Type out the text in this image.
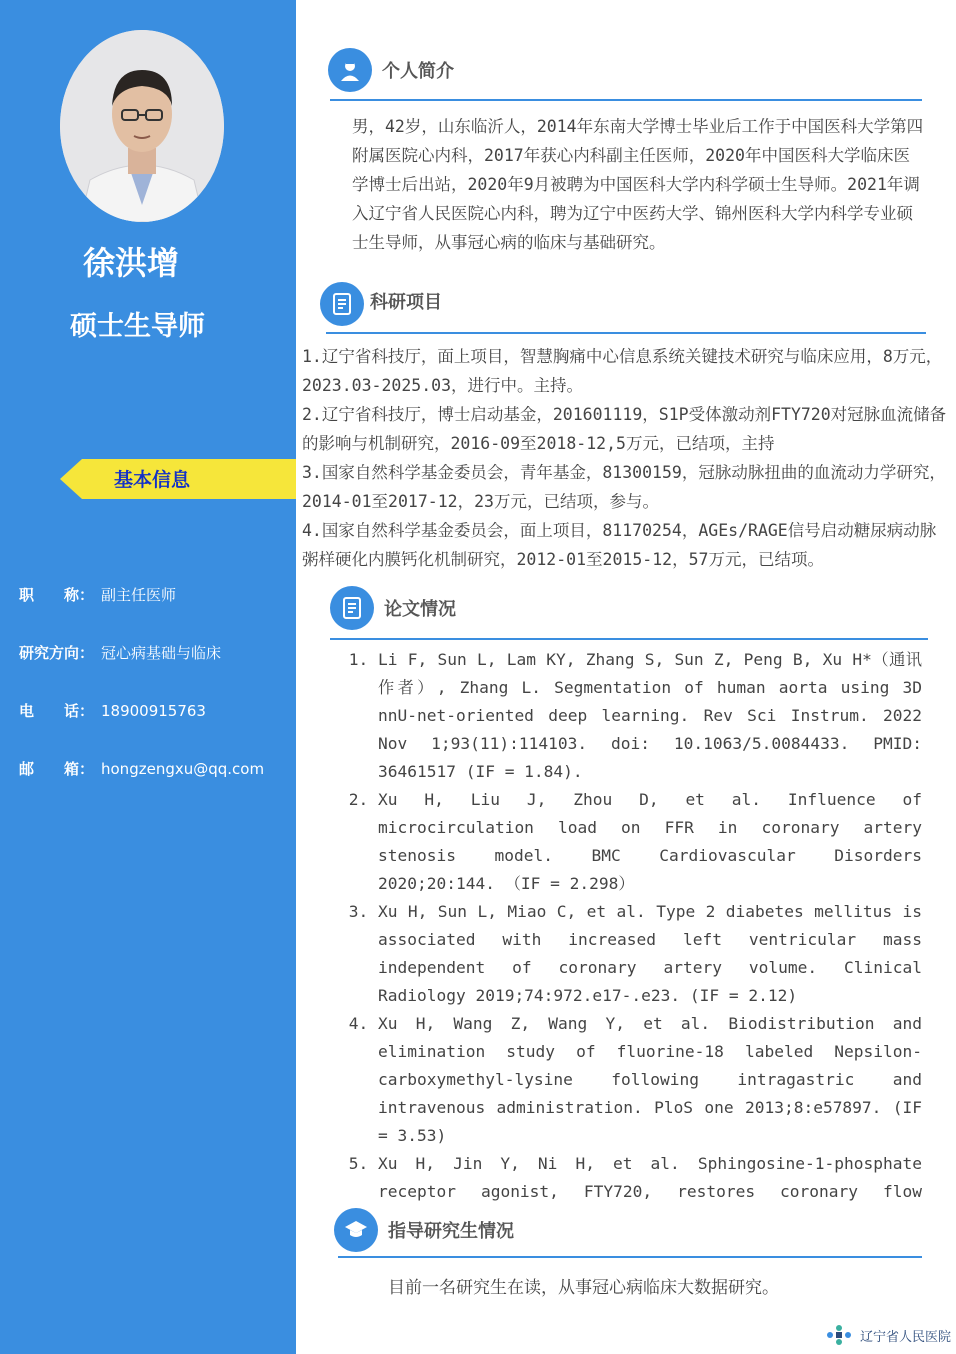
徐洪增
硕士生导师
基本信息
职　　称： 副主任医师
研究方向： 冠心病基础与临床
电　　话： 18900915763
邮　　箱： hongzengxu@qq.com
个人简介

男，42岁，山东临沂人，2014年东南大学博士毕业后工作于中国医科大学第四附属医院心内科，2017年获心内科副主任医师，2020年中国医科大学临床医学博士后出站，2020年9月被聘为中国医科大学内科学硕士生导师。2021年调入辽宁省人民医院心内科，聘为辽宁中医药大学、锦州医科大学内科学专业硕士生导师，从事冠心病的临床与基础研究。

科研项目

1.辽宁省科技厅，面上项目，智慧胸痛中心信息系统关键技术研究与临床应用，8万元，2023.03-2025.03，进行中。主持。

2.辽宁省科技厅，博士启动基金，201601119，S1P受体激动剂FTY720对冠脉血流储备的影响与机制研究，2016-09至2018-12,5万元，已结项，主持

3.国家自然科学基金委员会，青年基金，81300159，冠脉动脉扭曲的血流动力学研究，2014-01至2017-12，23万元，已结项，参与。

4.国家自然科学基金委员会，面上项目，81170254，AGEs/RAGE信号启动糖尿病动脉粥样硬化内膜钙化机制研究，2012-01至2015-12，57万元，已结项。

论文情况
1. Li F, Sun L, Lam KY, Zhang S, Sun Z, Peng B, Xu H*（通讯作者）, Zhang L. Segmentation of human aorta using 3D nnU-net-oriented deep learning. Rev Sci Instrum. 2022 Nov 1;93(11):114103. doi: 10.1063/5.0084433. PMID: 36461517 (IF = 1.84).
2. Xu H, Liu J, Zhou D, et al. Influence of microcirculation load on FFR in coronary artery stenosis model. BMC Cardiovascular Disorders 2020;20:144. （IF = 2.298）
3. Xu H, Sun L, Miao C, et al. Type 2 diabetes mellitus is associated with increased left ventricular mass independent of coronary artery volume. Clinical Radiology 2019;74:972.e17-.e23. (IF = 2.12)
4. Xu H, Wang Z, Wang Y, et al. Biodistribution and elimination study of fluorine-18 labeled Nepsilon-carboxymethyl-lysine following intragastric and intravenous administration. PloS one 2013;8:e57897. (IF = 3.53)
5. Xu H, Jin Y, Ni H, et al. Sphingosine-1-phosphate receptor agonist, FTY720, restores coronary flow
指导研究生情况

目前一名研究生在读，从事冠心病临床大数据研究。

辽宁省人民医院
